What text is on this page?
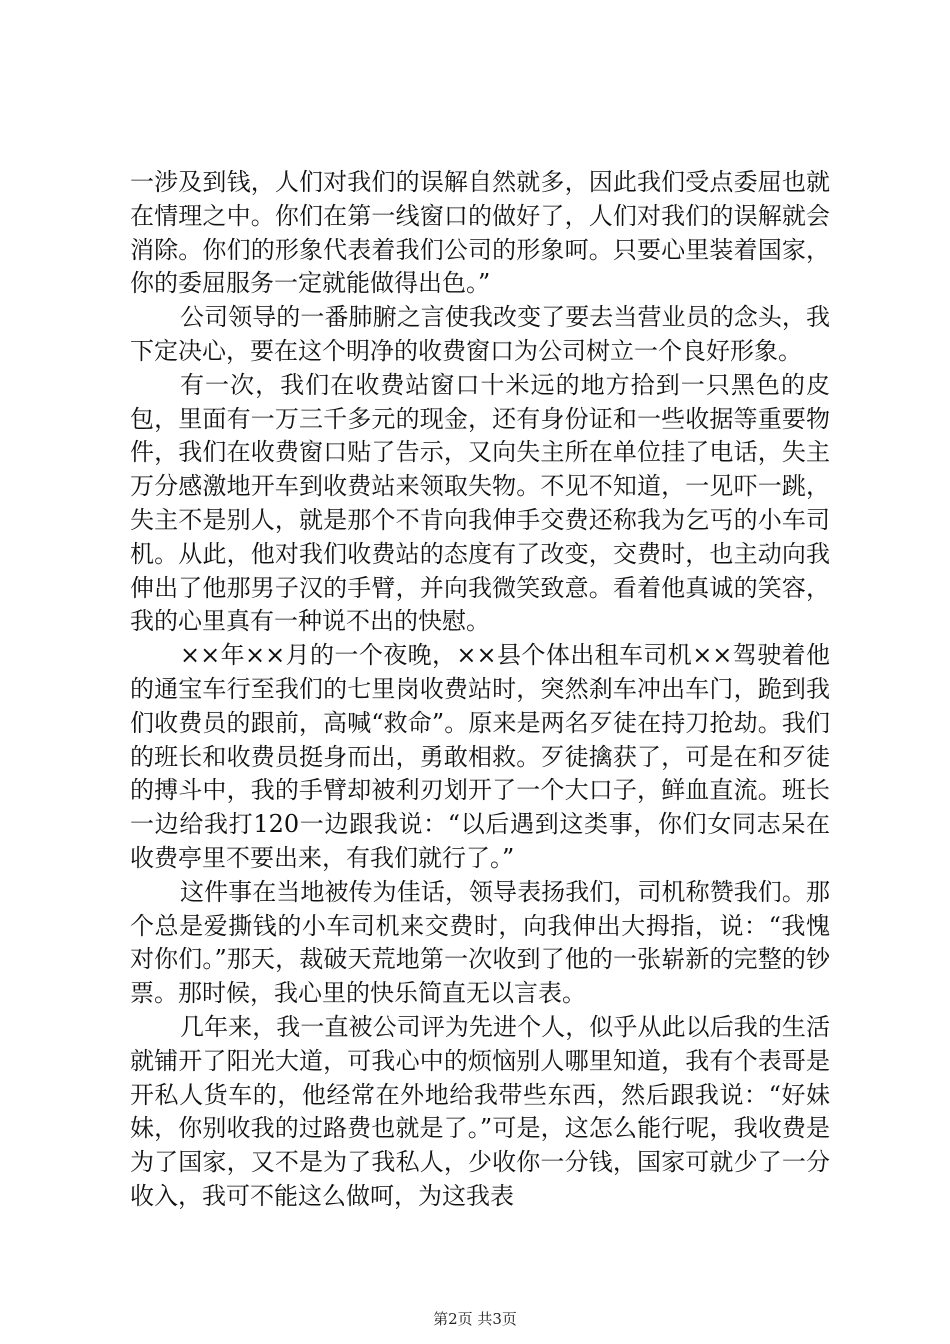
一涉及到钱，人们对我们的误解自然就多，因此我们受点委屈也就在情理之中。你们在第一线窗口的做好了，人们对我们的误解就会消除。你们的形象代表着我们公司的形象呵。只要心里装着国家，你的委屈服务一定就能做得出色。”

公司领导的一番肺腑之言使我改变了要去当营业员的念头，我下定决心，要在这个明净的收费窗口为公司树立一个良好形象。

有一次，我们在收费站窗口十米远的地方拾到一只黑色的皮包，里面有一万三千多元的现金，还有身份证和一些收据等重要物件，我们在收费窗口贴了告示，又向失主所在单位挂了电话，失主万分感激地开车到收费站来领取失物。不见不知道，一见吓一跳，失主不是别人，就是那个不肯向我伸手交费还称我为乞丐的小车司机。从此，他对我们收费站的态度有了改变，交费时，也主动向我伸出了他那男子汉的手臂，并向我微笑致意。看着他真诚的笑容，我的心里真有一种说不出的快慰。

××年××月的一个夜晚，××县个体出租车司机××驾驶着他的通宝车行至我们的七里岗收费站时，突然刹车冲出车门，跪到我们收费员的跟前，高喊“救命”。原来是两名歹徒在持刀抢劫。我们的班长和收费员挺身而出，勇敢相救。歹徒擒获了，可是在和歹徒的搏斗中，我的手臂却被利刃划开了一个大口子，鲜血直流。班长一边给我打120一边跟我说：“以后遇到这类事，你们女同志呆在收费亭里不要出来，有我们就行了。”

这件事在当地被传为佳话，领导表扬我们，司机称赞我们。那个总是爱撕钱的小车司机来交费时，向我伸出大拇指，说：“我愧对你们。”那天，裁破天荒地第一次收到了他的一张崭新的完整的钞票。那时候，我心里的快乐简直无以言表。

几年来，我一直被公司评为先进个人，似乎从此以后我的生活就铺开了阳光大道，可我心中的烦恼别人哪里知道，我有个表哥是开私人货车的，他经常在外地给我带些东西，然后跟我说：“好妹妹，你别收我的过路费也就是了。”可是，这怎么能行呢，我收费是为了国家，又不是为了我私人，少收你一分钱，国家可就少了一分收入，我可不能这么做呵，为这我表

第2页 共3页
